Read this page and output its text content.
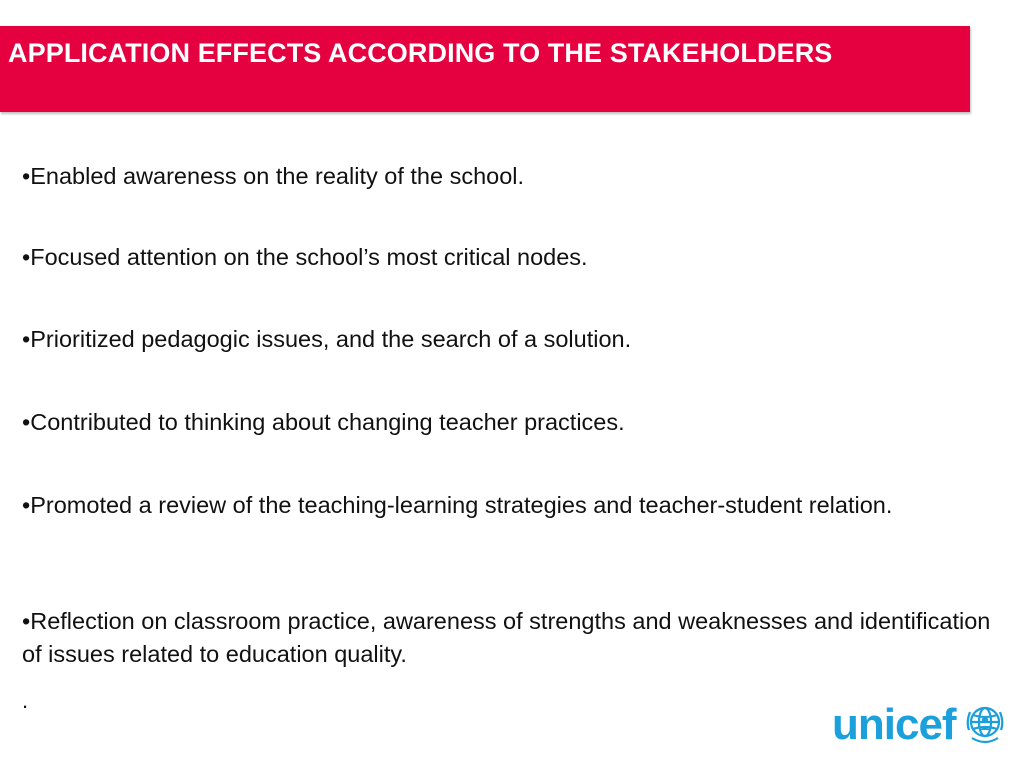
APPLICATION EFFECTS ACCORDING TO THE STAKEHOLDERS

•Enabled awareness on the reality of the school.

•Focused attention on the school’s most critical nodes.

•Prioritized pedagogic issues, and the search of a solution.

•Contributed to thinking about changing teacher practices.

•Promoted a review of the teaching-learning strategies and teacher-student relation.

•Reflection on classroom practice, awareness of strengths and weaknesses and identification of issues related to education quality.

.	unicef
